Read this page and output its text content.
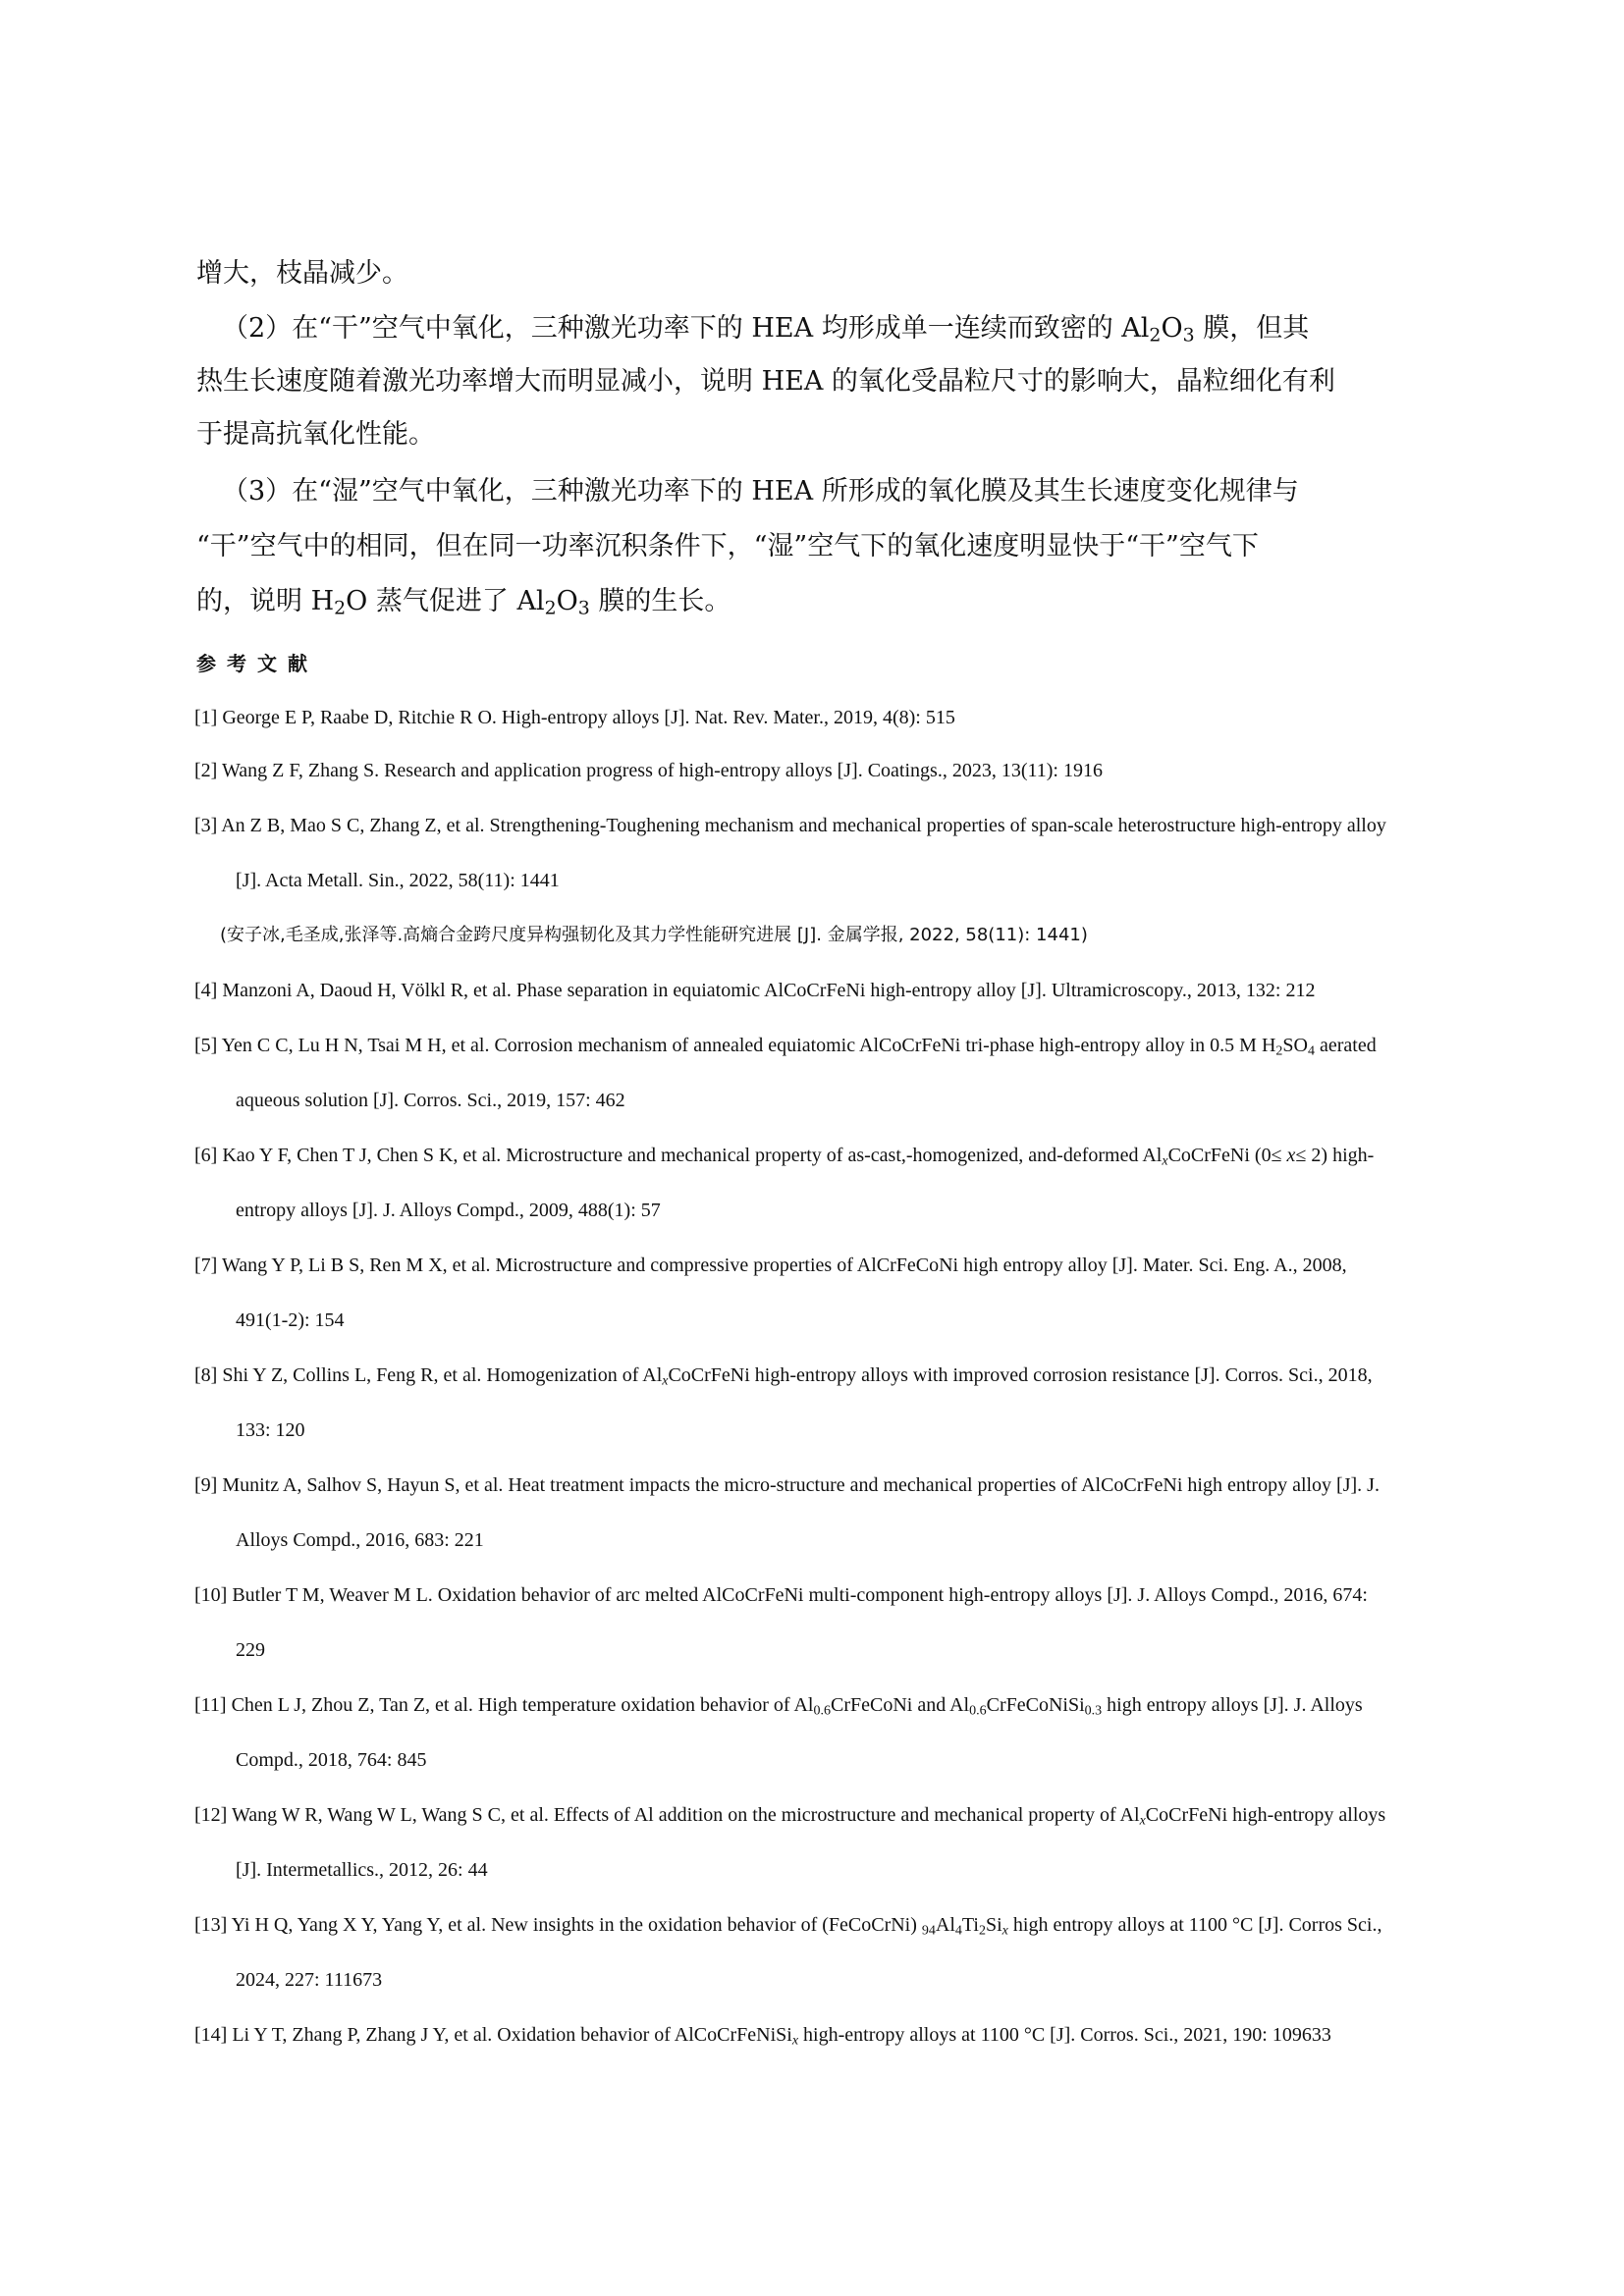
增大，枝晶减少。
（2）在“干”空气中氧化，三种激光功率下的 HEA 均形成单一连续而致密的 $Al_2O_3$ 膜，但其
热生长速度随着激光功率增大而明显减小，说明 HEA 的氧化受晶粒尺寸的影响大，晶粒细化有利
于提高抗氧化性能。
（3）在“湿”空气中氧化，三种激光功率下的 HEA 所形成的氧化膜及其生长速度变化规律与
“干”空气中的相同，但在同一功率沉积条件下，“湿”空气下的氧化速度明显快于“干”空气下
的，说明 $H_2O$ 蒸气促进了 $Al_2O_3$ 膜的生长。
参考文献
[1] George E P, Raabe D, Ritchie R O. High-entropy alloys [J]. Nat. Rev. Mater., 2019, 4(8): 515
[2] Wang Z F, Zhang S. Research and application progress of high-entropy alloys [J]. Coatings., 2023, 13(11): 1916
[3] An Z B, Mao S C, Zhang Z, et al. Strengthening-Toughening mechanism and mechanical properties of span-scale heterostructure high-entropy alloy
[J]. Acta Metall. Sin., 2022, 58(11): 1441
(安子冰,毛圣成,张泽等.高熵合金跨尺度异构强韧化及其力学性能研究进展 [J]. 金属学报, 2022, 58(11): 1441)
[4] Manzoni A, Daoud H, Völkl R, et al. Phase separation in equiatomic AlCoCrFeNi high-entropy alloy [J]. Ultramicroscopy., 2013, 132: 212
[5] Yen C C, Lu H N, Tsai M H, et al. Corrosion mechanism of annealed equiatomic AlCoCrFeNi tri-phase high-entropy alloy in 0.5 M $H_2SO_4$ aerated
aqueous solution [J]. Corros. Sci., 2019, 157: 462
[6] Kao Y F, Chen T J, Chen S K, et al. Microstructure and mechanical property of as-cast,-homogenized, and-deformed $Al_xCoCrFeNi$ (0≤ x≤ 2) high-
entropy alloys [J]. J. Alloys Compd., 2009, 488(1): 57
[7] Wang Y P, Li B S, Ren M X, et al. Microstructure and compressive properties of AlCrFeCoNi high entropy alloy [J]. Mater. Sci. Eng. A., 2008,
491(1-2): 154
[8] Shi Y Z, Collins L, Feng R, et al. Homogenization of $Al_xCoCrFeNi$ high-entropy alloys with improved corrosion resistance [J]. Corros. Sci., 2018,
133: 120
[9] Munitz A, Salhov S, Hayun S, et al. Heat treatment impacts the micro-structure and mechanical properties of AlCoCrFeNi high entropy alloy [J]. J.
Alloys Compd., 2016, 683: 221
[10] Butler T M, Weaver M L. Oxidation behavior of arc melted AlCoCrFeNi multi-component high-entropy alloys [J]. J. Alloys Compd., 2016, 674:
229
[11] Chen L J, Zhou Z, Tan Z, et al. High temperature oxidation behavior of $Al_{0.6}CrFeCoNi$ and $Al_{0.6}CrFeCoNiSi_{0.3}$ high entropy alloys [J]. J. Alloys
Compd., 2018, 764: 845
[12] Wang W R, Wang W L, Wang S C, et al. Effects of Al addition on the microstructure and mechanical property of $Al_xCoCrFeNi$ high-entropy alloys
[J]. Intermetallics., 2012, 26: 44
[13] Yi H Q, Yang X Y, Yang Y, et al. New insights in the oxidation behavior of (FeCoCrNi) $_{94}Al_4Ti_2Si_x$ high entropy alloys at 1100 °C [J]. Corros Sci.,
2024, 227: 111673
[14] Li Y T, Zhang P, Zhang J Y, et al. Oxidation behavior of AlCoCrFeNiSi$_x$ high-entropy alloys at 1100 °C [J]. Corros. Sci., 2021, 190: 109633
